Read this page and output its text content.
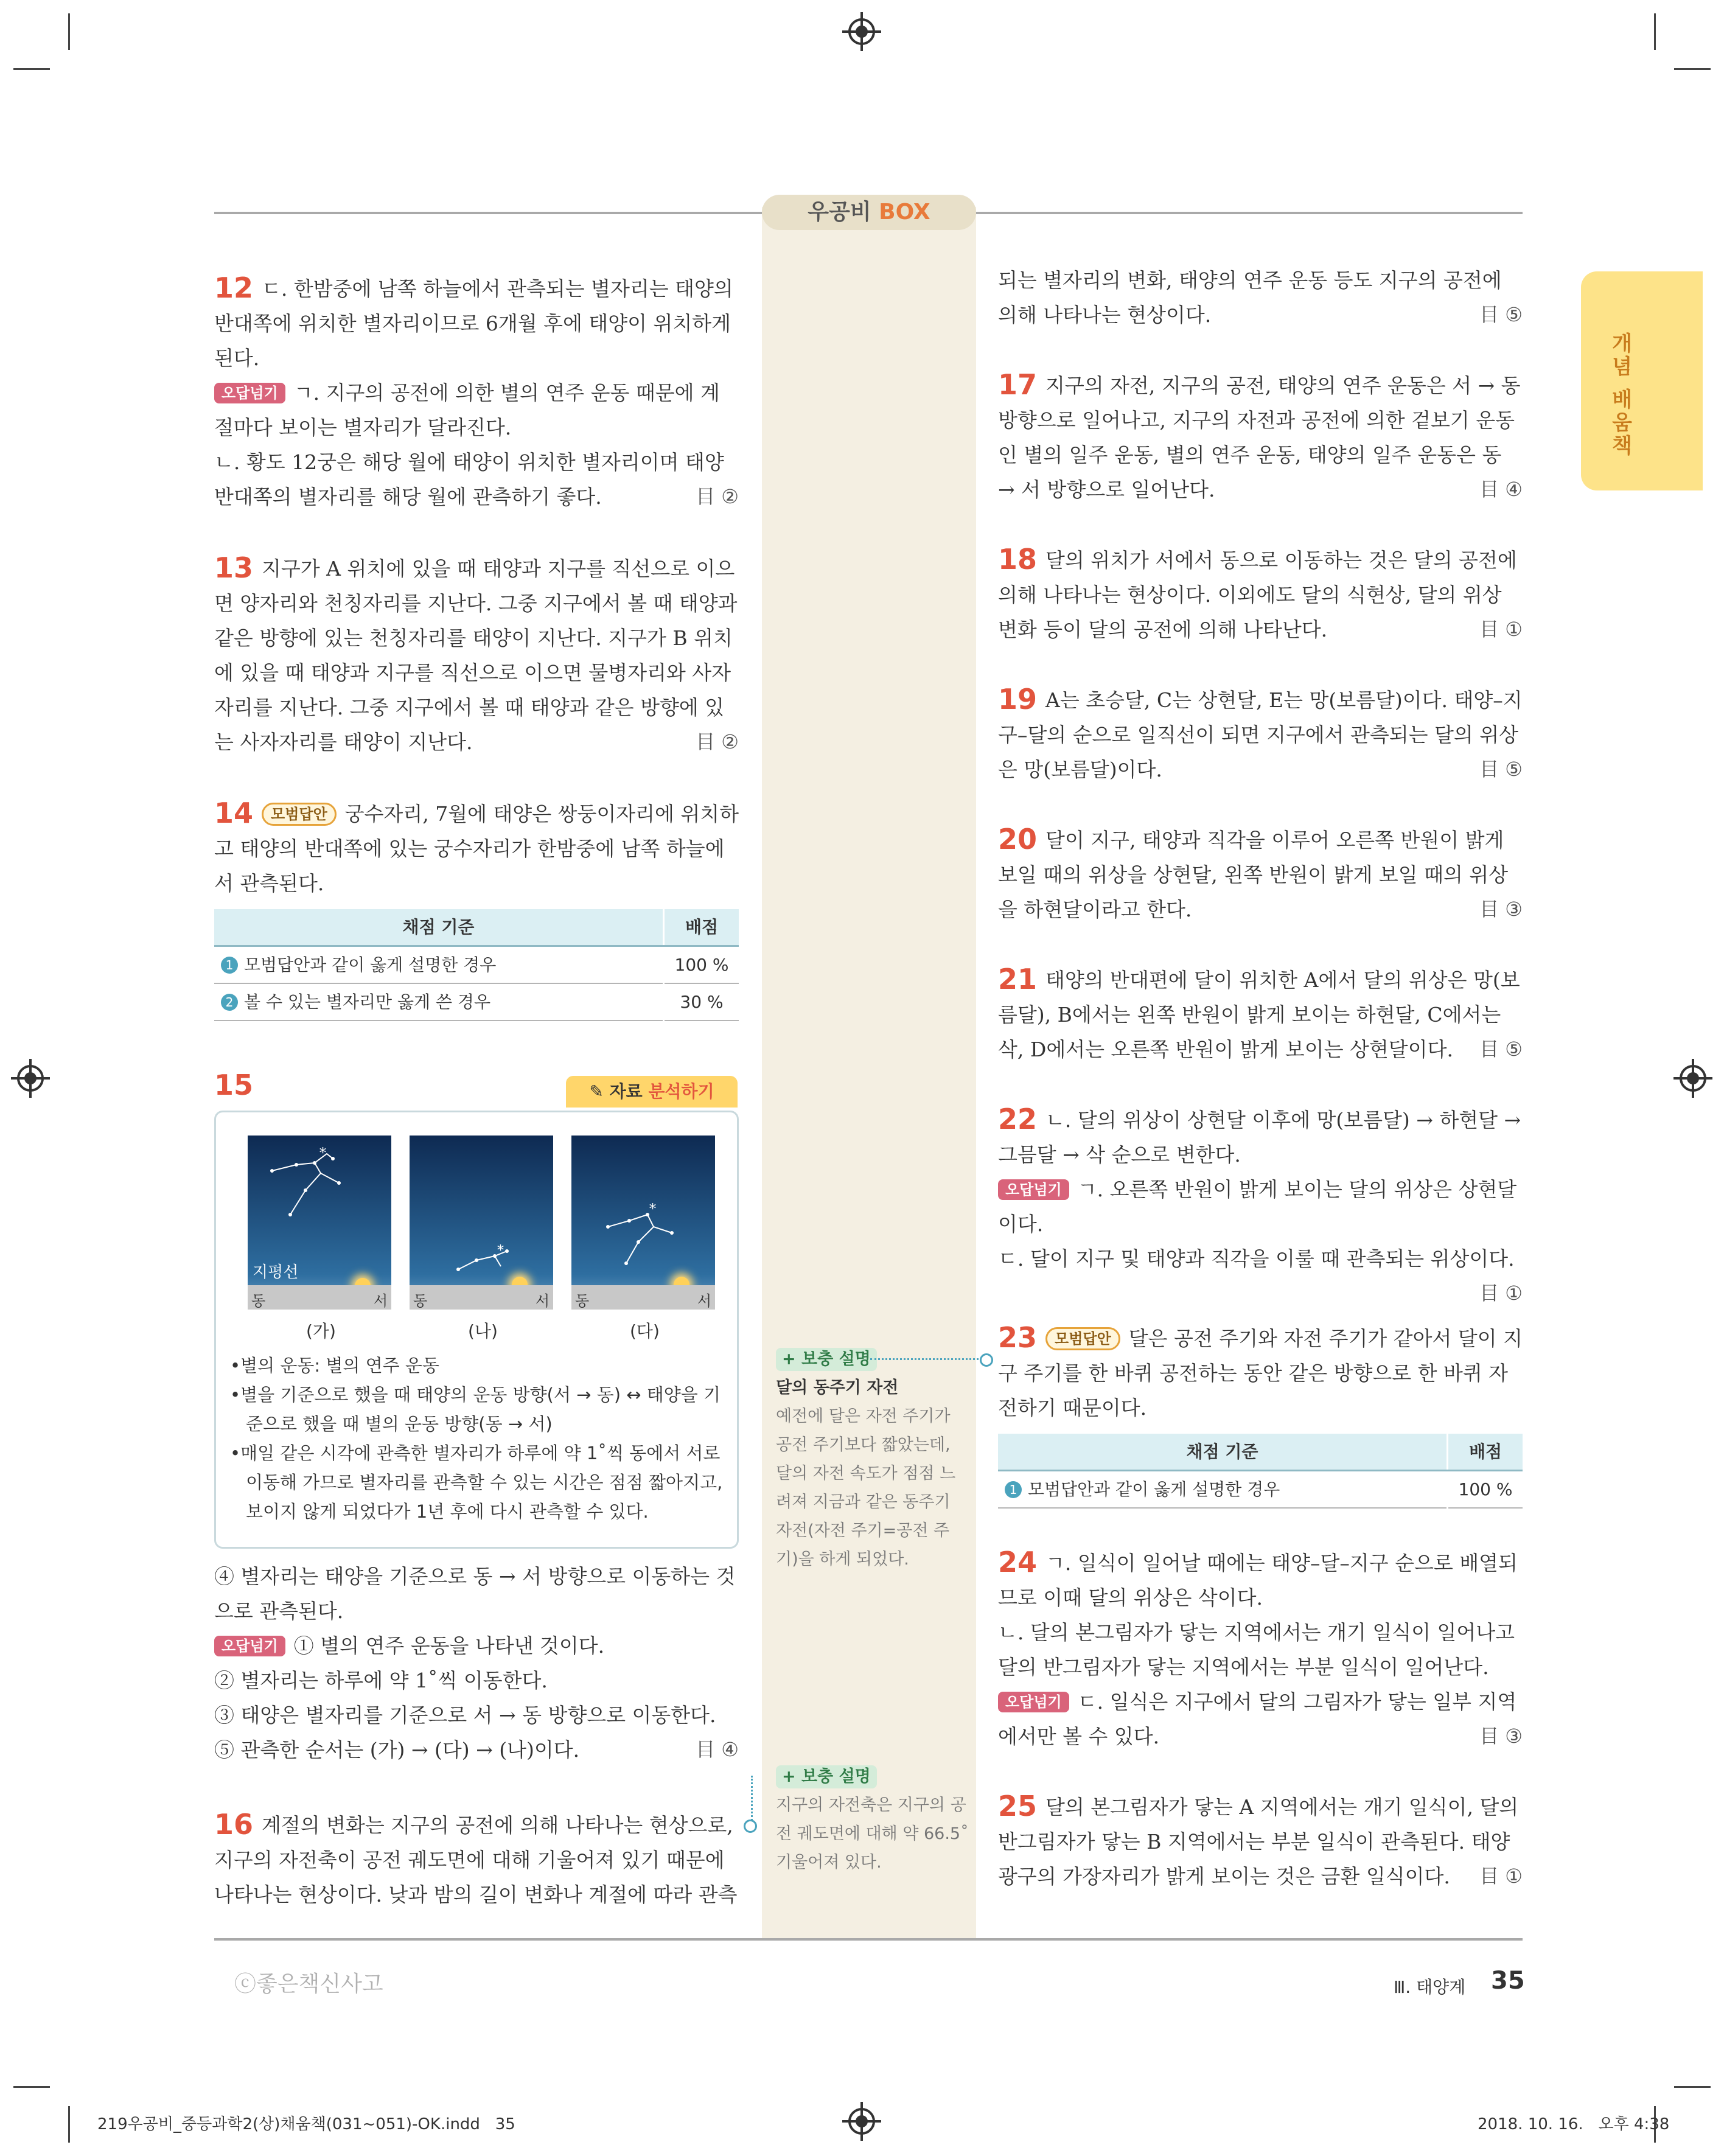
우공비 BOX
개념 배움책
12 ㄷ. 한밤중에 남쪽 하늘에서 관측되는 별자리는 태양의 반대쪽에 위치한 별자리이므로 6개월 후에 태양이 위치하게 된다.
오답넘기 ㄱ. 지구의 공전에 의한 별의 연주 운동 때문에 계절마다 보이는 별자리가 달라진다.
ㄴ. 황도 12궁은 해당 월에 태양이 위치한 별자리이며 태양 반대쪽의 별자리를 해당 월에 관측하기 좋다.	目 ②
13 지구가 A 위치에 있을 때 태양과 지구를 직선으로 이으면 양자리와 천칭자리를 지난다. 그중 지구에서 볼 때 태양과 같은 방향에 있는 천칭자리를 태양이 지난다. 지구가 B 위치에 있을 때 태양과 지구를 직선으로 이으면 물병자리와 사자자리를 지난다. 그중 지구에서 볼 때 태양과 같은 방향에 있는 사자자리를 태양이 지난다.	目 ②
14 모범답안 궁수자리, 7월에 태양은 쌍둥이자리에 위치하고 태양의 반대쪽에 있는 궁수자리가 한밤중에 남쪽 하늘에서 관측된다.
채점 기준	배점
1 모범답안과 같이 옳게 설명한 경우	100 %
2 볼 수 있는 별자리만 옳게 쓴 경우	30 %
15	✎ 자료 분석하기
*
지평선
동	서
*
동	서
*
동	서
(가)	(나)	(다)
•별의 운동: 별의 연주 운동
•별을 기준으로 했을 때 태양의 운동 방향(서 → 동) ↔ 태양을 기준으로 했을 때 별의 운동 방향(동 → 서)
•매일 같은 시각에 관측한 별자리가 하루에 약 1˚씩 동에서 서로 이동해 가므로 별자리를 관측할 수 있는 시간은 점점 짧아지고, 보이지 않게 되었다가 1년 후에 다시 관측할 수 있다.
④ 별자리는 태양을 기준으로 동 → 서 방향으로 이동하는 것으로 관측된다.
오답넘기 ① 별의 연주 운동을 나타낸 것이다.
② 별자리는 하루에 약 1˚씩 이동한다.
③ 태양은 별자리를 기준으로 서 → 동 방향으로 이동한다.
⑤ 관측한 순서는 (가) → (다) → (나)이다.	目 ④
16 계절의 변화는 지구의 공전에 의해 나타나는 현상으로, 지구의 자전축이 공전 궤도면에 대해 기울어져 있기 때문에 나타나는 현상이다. 낮과 밤의 길이 변화나 계절에 따라 관측
+ 보충 설명
달의 동주기 자전
예전에 달은 자전 주기가 공전 주기보다 짧았는데, 달의 자전 속도가 점점 느려져 지금과 같은 동주기 자전(자전 주기=공전 주기)을 하게 되었다.
+ 보충 설명
지구의 자전축은 지구의 공전 궤도면에 대해 약 66.5˚ 기울어져 있다.
되는 별자리의 변화, 태양의 연주 운동 등도 지구의 공전에 의해 나타나는 현상이다.	目 ⑤
17 지구의 자전, 지구의 공전, 태양의 연주 운동은 서 → 동 방향으로 일어나고, 지구의 자전과 공전에 의한 겉보기 운동인 별의 일주 운동, 별의 연주 운동, 태양의 일주 운동은 동 → 서 방향으로 일어난다.	目 ④
18 달의 위치가 서에서 동으로 이동하는 것은 달의 공전에 의해 나타나는 현상이다. 이외에도 달의 식현상, 달의 위상 변화 등이 달의 공전에 의해 나타난다.	目 ①
19 A는 초승달, C는 상현달, E는 망(보름달)이다. 태양–지구–달의 순으로 일직선이 되면 지구에서 관측되는 달의 위상은 망(보름달)이다.	目 ⑤
20 달이 지구, 태양과 직각을 이루어 오른쪽 반원이 밝게 보일 때의 위상을 상현달, 왼쪽 반원이 밝게 보일 때의 위상을 하현달이라고 한다.	目 ③
21 태양의 반대편에 달이 위치한 A에서 달의 위상은 망(보름달), B에서는 왼쪽 반원이 밝게 보이는 하현달, C에서는 삭, D에서는 오른쪽 반원이 밝게 보이는 상현달이다. 目 ⑤
22 ㄴ. 달의 위상이 상현달 이후에 망(보름달) → 하현달 → 그믐달 → 삭 순으로 변한다.
오답넘기 ㄱ. 오른쪽 반원이 밝게 보이는 달의 위상은 상현달이다.
ㄷ. 달이 지구 및 태양과 직각을 이룰 때 관측되는 위상이다.

目 ①

23 모범답안 달은 공전 주기와 자전 주기가 같아서 달이 지구 주기를 한 바퀴 공전하는 동안 같은 방향으로 한 바퀴 자전하기 때문이다.
채점 기준	배점
1 모범답안과 같이 옳게 설명한 경우	100 %
24 ㄱ. 일식이 일어날 때에는 태양–달–지구 순으로 배열되므로 이때 달의 위상은 삭이다.
ㄴ. 달의 본그림자가 닿는 지역에서는 개기 일식이 일어나고 달의 반그림자가 닿는 지역에서는 부분 일식이 일어난다.
오답넘기 ㄷ. 일식은 지구에서 달의 그림자가 닿는 일부 지역에서만 볼 수 있다.	目 ③
25 달의 본그림자가 닿는 A 지역에서는 개기 일식이, 달의 반그림자가 닿는 B 지역에서는 부분 일식이 관측된다. 태양 광구의 가장자리가 밝게 보이는 것은 금환 일식이다. 目 ①
ⓒ좋은책신사고	Ⅲ. 태양계 35
219우공비_중등과학2(상)채움책(031~051)-OK.indd   35	2018. 10. 16.   오후 4:38
